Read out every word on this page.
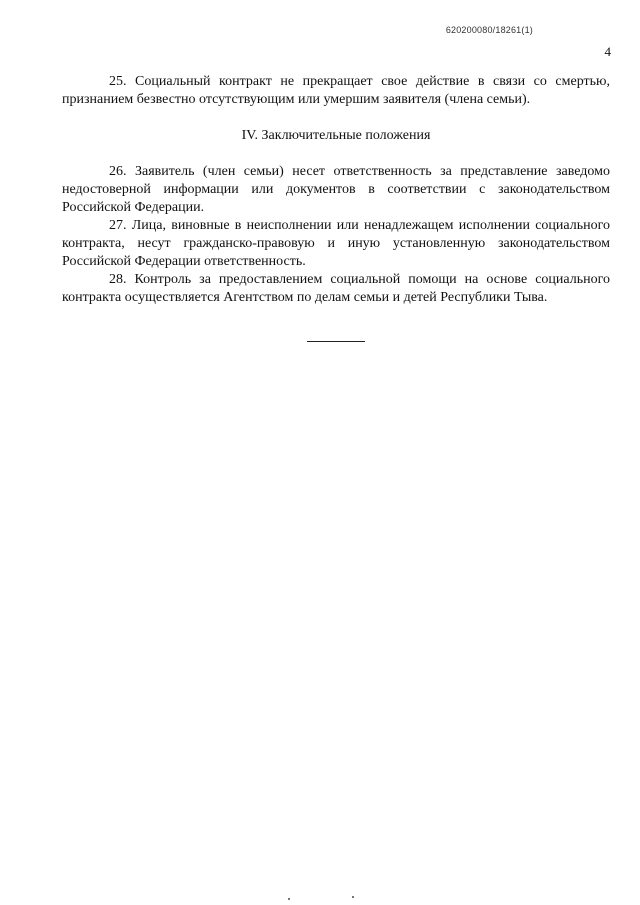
620200080/18261(1)
4

25. Социальный контракт не прекращает свое действие в связи со смертью, признанием безвестно отсутствующим или умершим заявителя (члена семьи).

IV. Заключительные положения

26. Заявитель (член семьи) несет ответственность за представление заведомо недостоверной информации или документов в соответствии с законодательством Российской Федерации.

27. Лица, виновные в неисполнении или ненадлежащем исполнении социального контракта, несут гражданско-правовую и иную установленную законодательством Российской Федерации ответственность.

28. Контроль за предоставлением социальной помощи на основе социального контракта осуществляется Агентством по делам семьи и детей Республики Тыва.
